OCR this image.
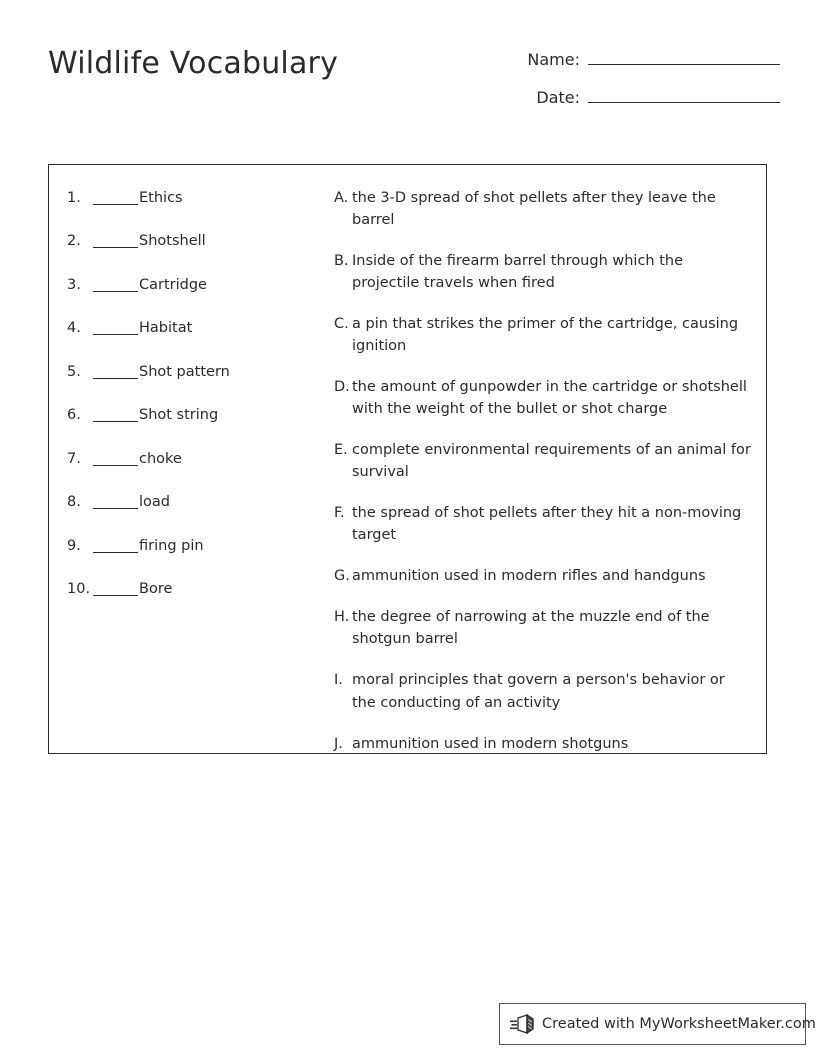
Wildlife Vocabulary	Name:
Date:
1.	Ethics
2.	Shotshell
3.	Cartridge
4.	Habitat
5.	Shot pattern
6.	Shot string
7.	choke
8.	load
9.	firing pin
10.	Bore
A. the 3-D spread of shot pellets after they leave the barrel
B. Inside of the firearm barrel through which the projectile travels when fired
C. a pin that strikes the primer of the cartridge, causing ignition
D. the amount of gunpowder in the cartridge or shotshell with the weight of the bullet or shot charge
E. complete environmental requirements of an animal for survival
F. the spread of shot pellets after they hit a non-moving target
G. ammunition used in modern rifles and handguns
H. the degree of narrowing at the muzzle end of the shotgun barrel
I. moral principles that govern a person's behavior or the conducting of an activity
J. ammunition used in modern shotguns
Created with MyWorksheetMaker.com
